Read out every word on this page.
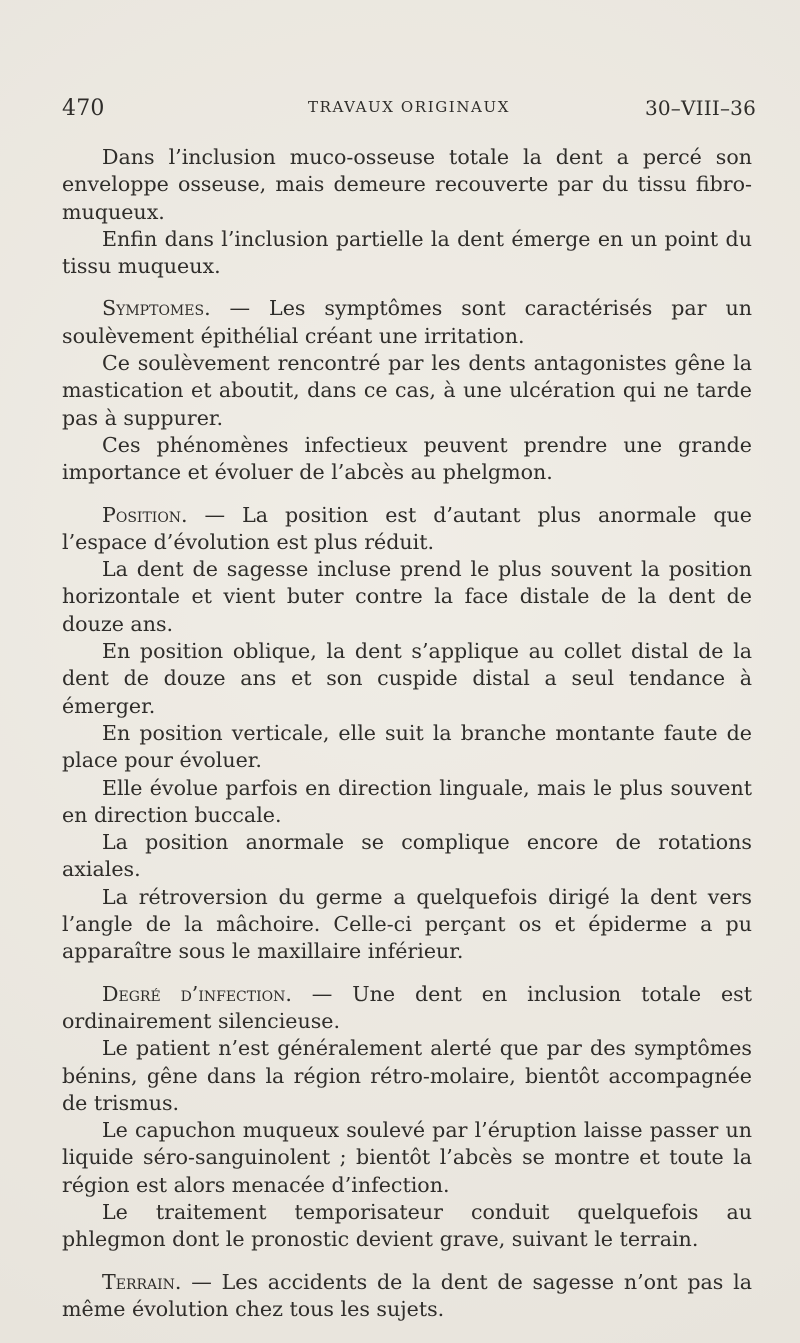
470	TRAVAUX ORIGINAUX	30–VIII–36

Dans l’inclusion muco-osseuse totale la dent a percé son enveloppe osseuse, mais demeure recouverte par du tissu fibro-muqueux.

Enfin dans l’inclusion partielle la dent émerge en un point du tissu muqueux.

Symptomes. — Les symptômes sont caractérisés par un soulèvement épithélial créant une irritation.

Ce soulèvement rencontré par les dents antagonistes gêne la mastication et aboutit, dans ce cas, à une ulcération qui ne tarde pas à suppurer.

Ces phénomènes infectieux peuvent prendre une grande importance et évoluer de l’abcès au phelgmon.

Position. — La position est d’autant plus anormale que l’espace d’évolution est plus réduit.

La dent de sagesse incluse prend le plus souvent la position horizontale et vient buter contre la face distale de la dent de douze ans.

En position oblique, la dent s’applique au collet distal de la dent de douze ans et son cuspide distal a seul tendance à émerger.

En position verticale, elle suit la branche montante faute de place pour évoluer.

Elle évolue parfois en direction linguale, mais le plus souvent en direction buccale.

La position anormale se complique encore de rotations axiales.

La rétroversion du germe a quelquefois dirigé la dent vers l’angle de la mâchoire. Celle-ci perçant os et épiderme a pu apparaître sous le maxillaire inférieur.

Degré d’infection. — Une dent en inclusion totale est ordinairement silencieuse.

Le patient n’est généralement alerté que par des symptômes bénins, gêne dans la région rétro-molaire, bientôt accompagnée de trismus.

Le capuchon muqueux soulevé par l’éruption laisse passer un liquide séro-sanguinolent ; bientôt l’abcès se montre et toute la région est alors menacée d’infection.

Le traitement temporisateur conduit quelquefois au phlegmon dont le pronostic devient grave, suivant le terrain.

Terrain. — Les accidents de la dent de sagesse n’ont pas la même évolution chez tous les sujets.
